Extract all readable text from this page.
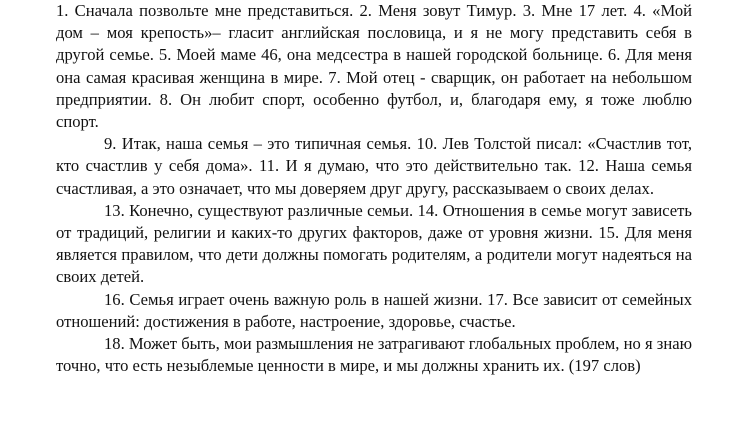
1. Сначала позвольте мне представиться. 2. Меня зовут Тимур. 3. Мне 17 лет. 4. «Мой дом – моя крепость»– гласит английская пословица, и я не могу представить себя в другой семье. 5. Моей маме 46, она медсестра в нашей городской больнице. 6. Для меня она самая красивая женщина в мире. 7. Мой отец - сварщик, он работает на небольшом предприятии. 8. Он любит спорт, особенно футбол, и, благодаря ему, я тоже люблю спорт.

9. Итак, наша семья – это типичная семья. 10. Лев Толстой писал: «Счастлив тот, кто счастлив у себя дома». 11. И я думаю, что это действительно так. 12. Наша семья счастливая, а это означает, что мы доверяем друг другу, рассказываем о своих делах.

13. Конечно, существуют различные семьи. 14. Отношения в семье могут зависеть от традиций, религии и каких-то других факторов, даже от уровня жизни. 15. Для меня является правилом, что дети должны помогать родителям, а родители могут надеяться на своих детей.

16. Семья играет очень важную роль в нашей жизни. 17. Все зависит от семейных отношений: достижения в работе, настроение, здоровье, счастье.

18. Может быть, мои размышления не затрагивают глобальных проблем, но я знаю точно, что есть незыблемые ценности в мире, и мы должны хранить их. (197 слов)
